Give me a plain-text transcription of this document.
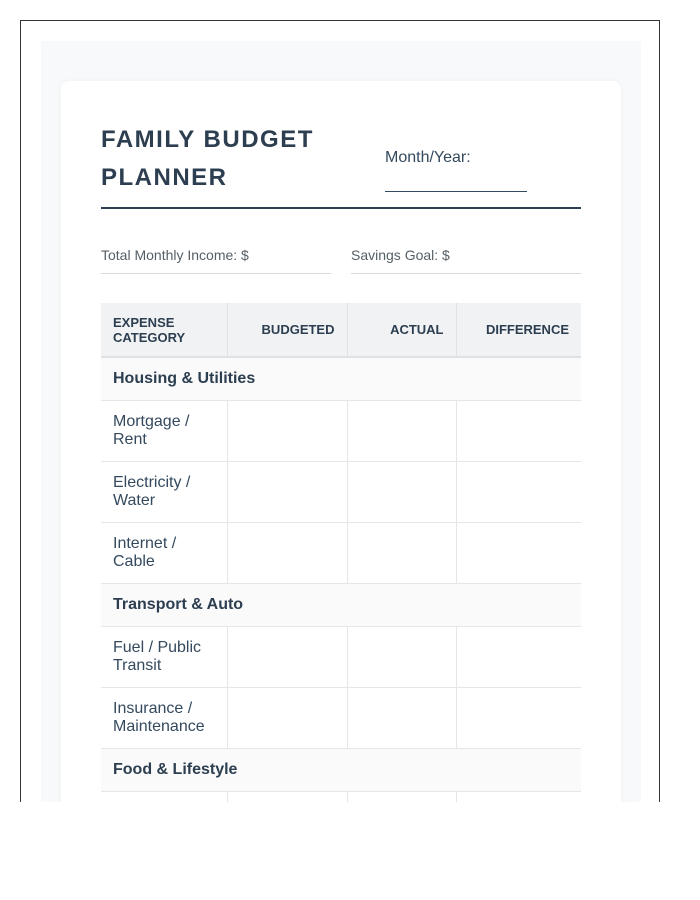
FAMILY BUDGET PLANNER
Month/Year:
Total Monthly Income: $	Savings Goal: $
EXPENSE CATEGORY	BUDGETED	ACTUAL	DIFFERENCE
Housing & Utilities			
Mortgage / Rent			
Electricity / Water			
Internet / Cable			
Transport & Auto			
Fuel / Public Transit			
Insurance / Maintenance			
Food & Lifestyle			
